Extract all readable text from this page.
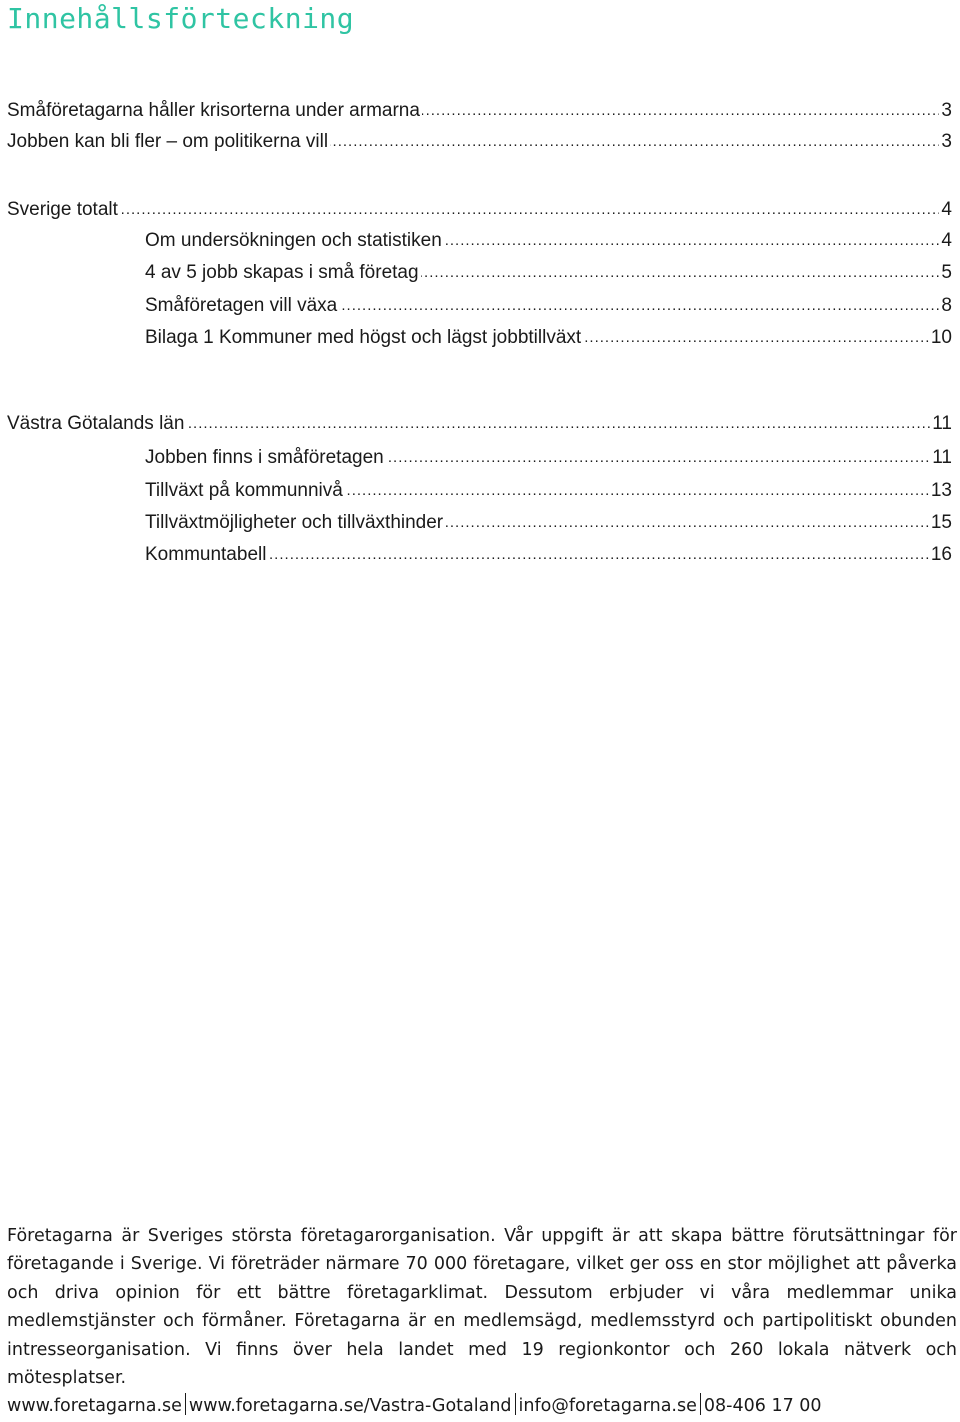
Innehållsförteckning
..... Småföretagarna håller krisorterna under armarna	3
..... Jobben kan bli fler – om politikerna vill	3
..... Sverige totalt	4
..... Om undersökningen och statistiken	4
..... 4 av 5 jobb skapas i små företag	5
..... Småföretagen vill växa	8
..... Bilaga 1 Kommuner med högst och lägst jobbtillväxt	10
..... Västra Götalands län	11
..... Jobben finns i småföretagen	11
..... Tillväxt på kommunnivå	13
..... Tillväxtmöjligheter och tillväxthinder	15
..... Kommuntabell	16
Företagarna är Sveriges största företagarorganisation. Vår uppgift är att skapa bättre förutsättningar för företagande i Sverige. Vi företräder närmare 70 000 företagare, vilket ger oss en stor möjlighet att påverka och driva opinion för ett bättre företagarklimat. Dessutom erbjuder vi våra medlemmar unika medlemstjänster och förmåner. Företagarna är en medlemsägd, medlemsstyrd och partipolitiskt obunden intresseorganisation. Vi finns över hela landet med 19 regionkontor och 260 lokala nätverk och mötesplatser.
www.foretagarna.se www.foretagarna.se/Vastra-Gotaland info@foretagarna.se 08-406 17 00
